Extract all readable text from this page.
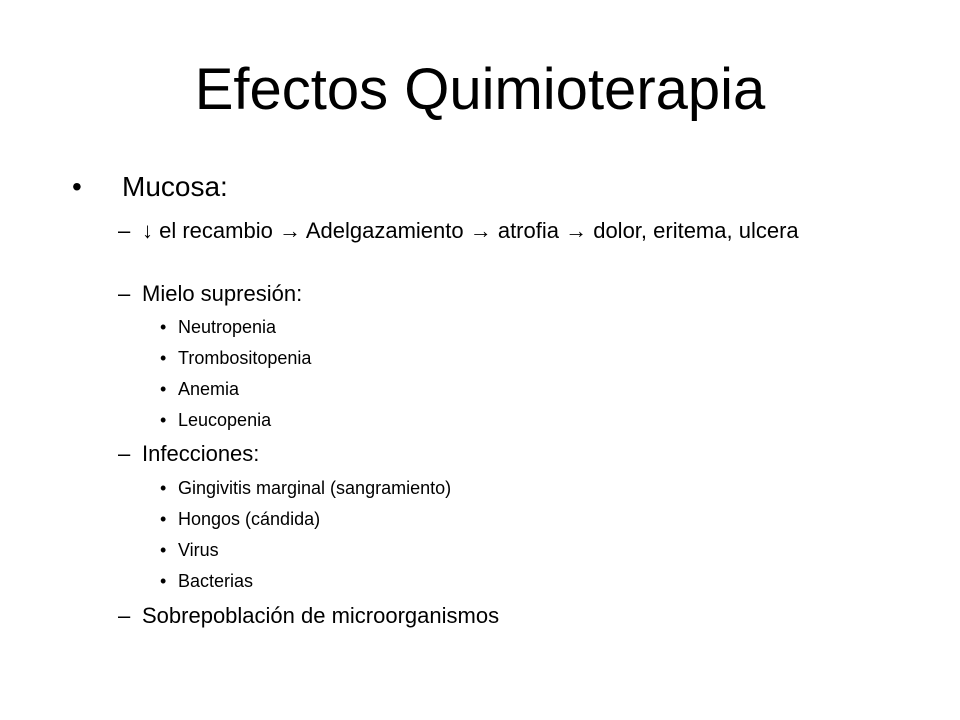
Efectos Quimioterapia
• Mucosa:
– ↓ el recambio → Adelgazamiento → atrofia → dolor, eritema, ulcera
– Mielo supresión:
• Neutropenia
• Trombositopenia
• Anemia
• Leucopenia
– Infecciones:
• Gingivitis marginal (sangramiento)
• Hongos (cándida)
• Virus
• Bacterias
– Sobrepoblación de microorganismos
